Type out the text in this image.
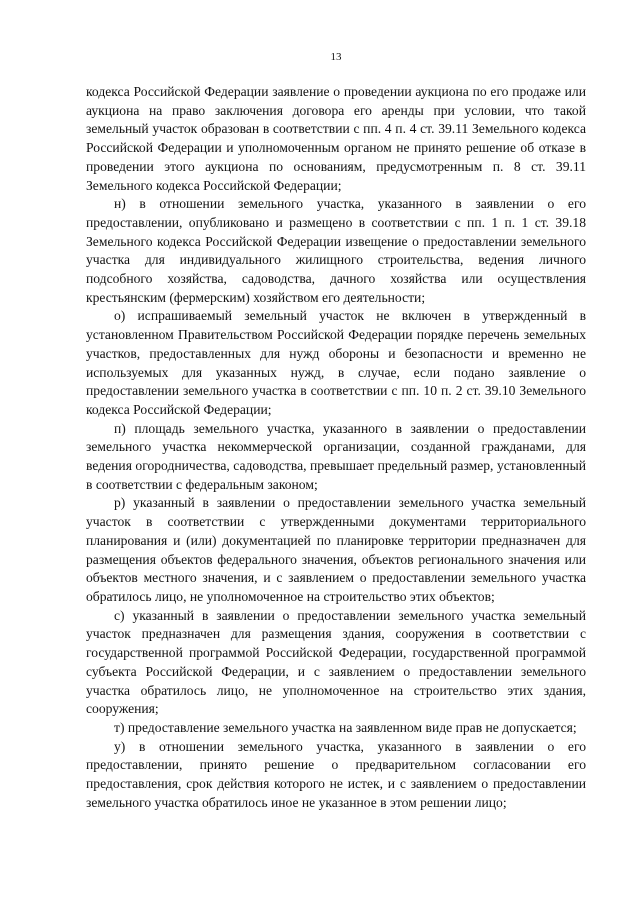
13

кодекса Российской Федерации заявление о проведении аукциона по его продаже или аукциона на право заключения договора его аренды при условии, что такой земельный участок образован в соответствии с пп. 4 п. 4 ст. 39.11 Земельного кодекса Российской Федерации и уполномоченным органом не принято решение об отказе в проведении этого аукциона по основаниям, предусмотренным п. 8 ст. 39.11 Земельного кодекса Российской Федерации;

н) в отношении земельного участка, указанного в заявлении о его предоставлении, опубликовано и размещено в соответствии с пп. 1 п. 1 ст. 39.18 Земельного кодекса Российской Федерации извещение о предоставлении земельного участка для индивидуального жилищного строительства, ведения личного подсобного хозяйства, садоводства, дачного хозяйства или осуществления крестьянским (фермерским) хозяйством его деятельности;

о) испрашиваемый земельный участок не включен в утвержденный в установленном Правительством Российской Федерации порядке перечень земельных участков, предоставленных для нужд обороны и безопасности и временно не используемых для указанных нужд, в случае, если подано заявление о предоставлении земельного участка в соответствии с пп. 10 п. 2 ст. 39.10 Земельного кодекса Российской Федерации;

п) площадь земельного участка, указанного в заявлении о предоставлении земельного участка некоммерческой организации, созданной гражданами, для ведения огородничества, садоводства, превышает предельный размер, установленный в соответствии с федеральным законом;

р) указанный в заявлении о предоставлении земельного участка земельный участок в соответствии с утвержденными документами территориального планирования и (или) документацией по планировке территории предназначен для размещения объектов федерального значения, объектов регионального значения или объектов местного значения, и с заявлением о предоставлении земельного участка обратилось лицо, не уполномоченное на строительство этих объектов;

с) указанный в заявлении о предоставлении земельного участка земельный участок предназначен для размещения здания, сооружения в соответствии с государственной программой Российской Федерации, государственной программой субъекта Российской Федерации, и с заявлением о предоставлении земельного участка обратилось лицо, не уполномоченное на строительство этих здания, сооружения;

т) предоставление земельного участка на заявленном виде прав не допускается;

у) в отношении земельного участка, указанного в заявлении о его предоставлении, принято решение о предварительном согласовании его предоставления, срок действия которого не истек, и с заявлением о предоставлении земельного участка обратилось иное не указанное в этом решении лицо;
